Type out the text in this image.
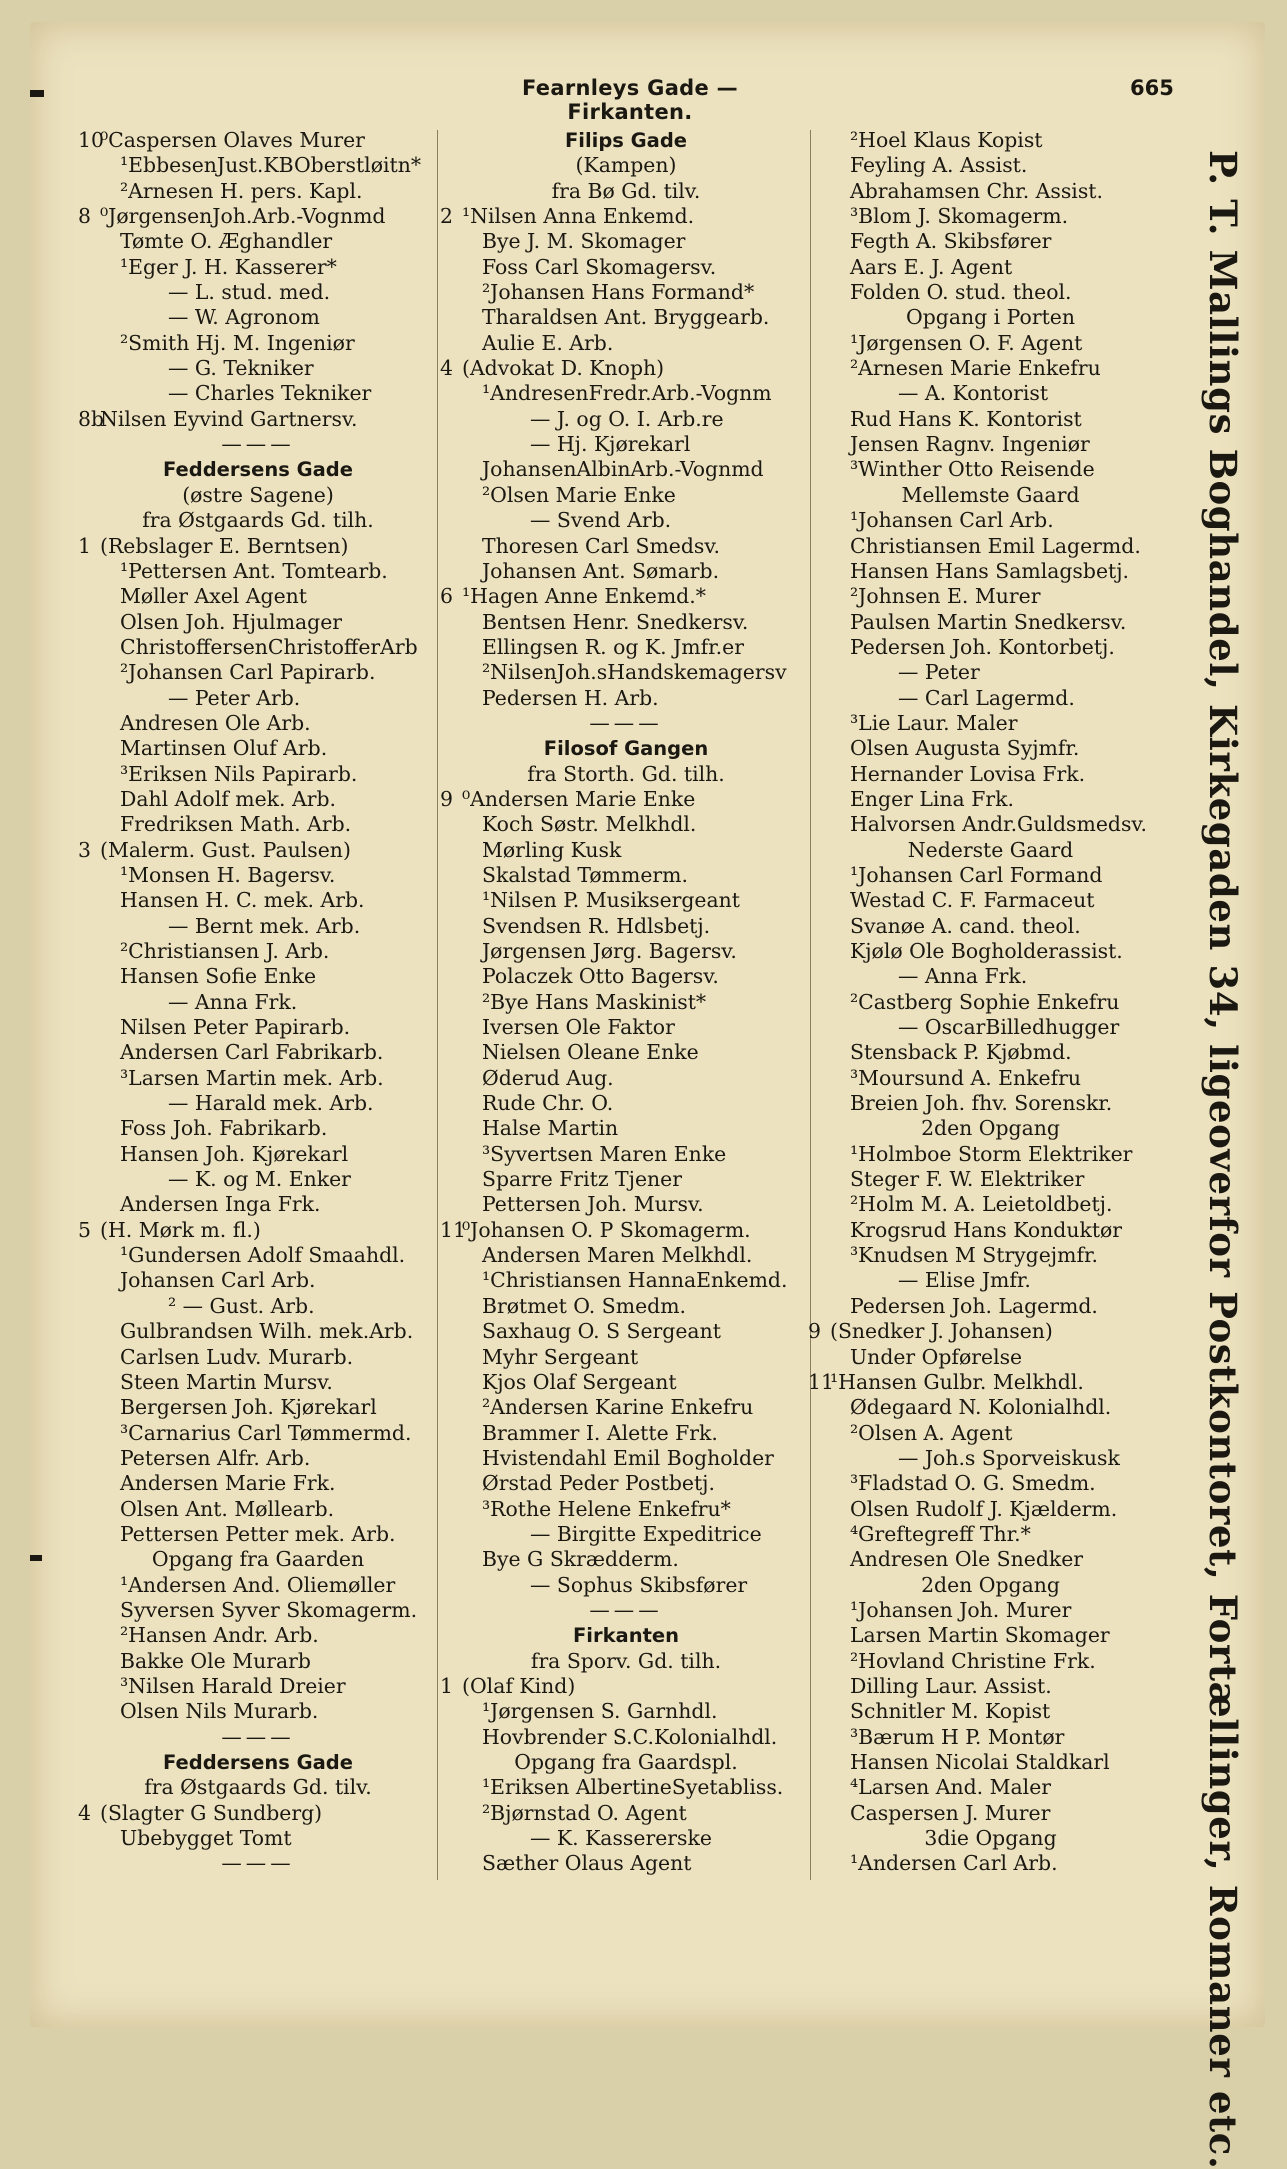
Fearnleys Gade — Firkanten.
665
10⁰Caspersen Olaves Murer
¹EbbesenJust.KBOberstløitn*
²Arnesen H. pers. Kapl.
8 ⁰JørgensenJoh.Arb.-Vognmd
Tømte O. Æghandler
¹Eger J. H. Kasserer*
— L. stud. med.
— W. Agronom
²Smith Hj. M. Ingeniør
— G. Tekniker
— Charles Tekniker
8bNilsen Eyvind Gartnersv.
———
Feddersens Gade
(østre Sagene)
fra Østgaards Gd. tilh.
1 (Rebslager E. Berntsen)
¹Pettersen Ant. Tomtearb.
Møller Axel Agent
Olsen Joh. Hjulmager
ChristoffersenChristofferArb
²Johansen Carl Papirarb.
— Peter Arb.
Andresen Ole Arb.
Martinsen Oluf Arb.
³Eriksen Nils Papirarb.
Dahl Adolf mek. Arb.
Fredriksen Math. Arb.
3 (Malerm. Gust. Paulsen)
¹Monsen H. Bagersv.
Hansen H. C. mek. Arb.
— Bernt mek. Arb.
²Christiansen J. Arb.
Hansen Sofie Enke
— Anna Frk.
Nilsen Peter Papirarb.
Andersen Carl Fabrikarb.
³Larsen Martin mek. Arb.
— Harald mek. Arb.
Foss Joh. Fabrikarb.
Hansen Joh. Kjørekarl
— K. og M. Enker
Andersen Inga Frk.
5 (H. Mørk m. fl.)
¹Gundersen Adolf Smaahdl.
Johansen Carl Arb.
² — Gust. Arb.
Gulbrandsen Wilh. mek.Arb.
Carlsen Ludv. Murarb.
Steen Martin Mursv.
Bergersen Joh. Kjørekarl
³Carnarius Carl Tømmermd.
Petersen Alfr. Arb.
Andersen Marie Frk.
Olsen Ant. Møllearb.
Pettersen Petter mek. Arb.
Opgang fra Gaarden
¹Andersen And. Oliemøller
Syversen Syver Skomagerm.
²Hansen Andr. Arb.
Bakke Ole Murarb
³Nilsen Harald Dreier
Olsen Nils Murarb.
———
Feddersens Gade
fra Østgaards Gd. tilv.
4 (Slagter G Sundberg)
Ubebygget Tomt
———
Filips Gade
(Kampen)
fra Bø Gd. tilv.
2 ¹Nilsen Anna Enkemd.
Bye J. M. Skomager
Foss Carl Skomagersv.
²Johansen Hans Formand*
Tharaldsen Ant. Bryggearb.
Aulie E. Arb.
4 (Advokat D. Knoph)
¹AndresenFredr.Arb.-Vognm
— J. og O. I. Arb.re
— Hj. Kjørekarl
JohansenAlbinArb.-Vognmd
²Olsen Marie Enke
— Svend Arb.
Thoresen Carl Smedsv.
Johansen Ant. Sømarb.
6 ¹Hagen Anne Enkemd.*
Bentsen Henr. Snedkersv.
Ellingsen R. og K. Jmfr.er
²NilsenJoh.sHandskemagersv
Pedersen H. Arb.
———
Filosof Gangen
fra Storth. Gd. tilh.
9 ⁰Andersen Marie Enke
Koch Søstr. Melkhdl.
Mørling Kusk
Skalstad Tømmerm.
¹Nilsen P. Musiksergeant
Svendsen R. Hdlsbetj.
Jørgensen Jørg. Bagersv.
Polaczek Otto Bagersv.
²Bye Hans Maskinist*
Iversen Ole Faktor
Nielsen Oleane Enke
Øderud Aug.
Rude Chr. O.
Halse Martin
³Syvertsen Maren Enke
Sparre Fritz Tjener
Pettersen Joh. Mursv.
11⁰Johansen O. P Skomagerm.
Andersen Maren Melkhdl.
¹Christiansen HannaEnkemd.
Brøtmet O. Smedm.
Saxhaug O. S Sergeant
Myhr Sergeant
Kjos Olaf Sergeant
²Andersen Karine Enkefru
Brammer I. Alette Frk.
Hvistendahl Emil Bogholder
Ørstad Peder Postbetj.
³Rothe Helene Enkefru*
— Birgitte Expeditrice
Bye G Skrædderm.
— Sophus Skibsfører
———
Firkanten
fra Sporv. Gd. tilh.
1 (Olaf Kind)
¹Jørgensen S. Garnhdl.
Hovbrender S.C.Kolonialhdl.
Opgang fra Gaardspl.
¹Eriksen AlbertineSyetabliss.
²Bjørnstad O. Agent
— K. Kassererske
Sæther Olaus Agent
²Hoel Klaus Kopist
Feyling A. Assist.
Abrahamsen Chr. Assist.
³Blom J. Skomagerm.
Fegth A. Skibsfører
Aars E. J. Agent
Folden O. stud. theol.
Opgang i Porten
¹Jørgensen O. F. Agent
²Arnesen Marie Enkefru
— A. Kontorist
Rud Hans K. Kontorist
Jensen Ragnv. Ingeniør
³Winther Otto Reisende
Mellemste Gaard
¹Johansen Carl Arb.
Christiansen Emil Lagermd.
Hansen Hans Samlagsbetj.
²Johnsen E. Murer
Paulsen Martin Snedkersv.
Pedersen Joh. Kontorbetj.
— Peter
— Carl Lagermd.
³Lie Laur. Maler
Olsen Augusta Syjmfr.
Hernander Lovisa Frk.
Enger Lina Frk.
Halvorsen Andr.Guldsmedsv.
Nederste Gaard
¹Johansen Carl Formand
Westad C. F. Farmaceut
Svanøe A. cand. theol.
Kjølø Ole Bogholderassist.
— Anna Frk.
²Castberg Sophie Enkefru
— OscarBilledhugger
Stensback P. Kjøbmd.
³Moursund A. Enkefru
Breien Joh. fhv. Sorenskr.
2den Opgang
¹Holmboe Storm Elektriker
Steger F. W. Elektriker
²Holm M. A. Leietoldbetj.
Krogsrud Hans Konduktør
³Knudsen M Strygejmfr.
— Elise Jmfr.
Pedersen Joh. Lagermd.
9 (Snedker J. Johansen)
Under Opførelse
11¹Hansen Gulbr. Melkhdl.
Ødegaard N. Kolonialhdl.
²Olsen A. Agent
— Joh.s Sporveiskusk
³Fladstad O. G. Smedm.
Olsen Rudolf J. Kjælderm.
⁴Greftegreff Thr.*
Andresen Ole Snedker
2den Opgang
¹Johansen Joh. Murer
Larsen Martin Skomager
²Hovland Christine Frk.
Dilling Laur. Assist.
Schnitler M. Kopist
³Bærum H P. Montør
Hansen Nicolai Staldkarl
⁴Larsen And. Maler
Caspersen J. Murer
3die Opgang
¹Andersen Carl Arb.	P. T. Mallings Boghandel, Kirkegaden 34, ligeoverfor Postkontoret, Fortællinger, Romaner etc.
